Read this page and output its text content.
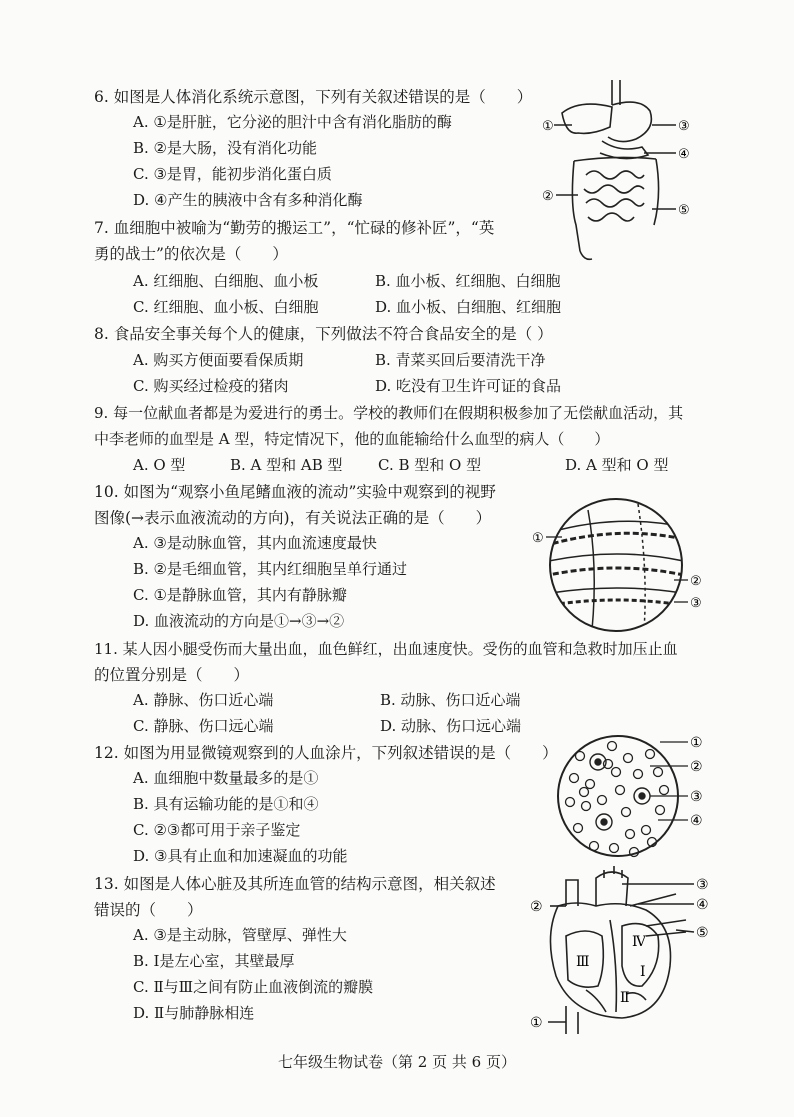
6. 如图是人体消化系统示意图，下列有关叙述错误的是（　　）
A. ①是肝脏，它分泌的胆汁中含有消化脂肪的酶
B. ②是大肠，没有消化功能
C. ③是胃，能初步消化蛋白质
D. ④产生的胰液中含有多种消化酶
①	③
④
②
⑤
7. 血细胞中被喻为“勤劳的搬运工”，“忙碌的修补匠”，“英
勇的战士”的依次是（　　）
A. 红细胞、白细胞、血小板	B. 血小板、红细胞、白细胞
C. 红细胞、血小板、白细胞	D. 血小板、白细胞、红细胞
8. 食品安全事关每个人的健康，下列做法不符合食品安全的是（ ）
A. 购买方便面要看保质期	B. 青菜买回后要清洗干净
C. 购买经过检疫的猪肉	D. 吃没有卫生许可证的食品
9. 每一位献血者都是为爱进行的勇士。学校的教师们在假期积极参加了无偿献血活动，其
中李老师的血型是 A 型，特定情况下，他的血能输给什么血型的病人（　　）
A. O 型	B. A 型和 AB 型 C. B 型和 O 型	D. A 型和 O 型
10. 如图为“观察小鱼尾鳍血液的流动”实验中观察到的视野
图像(→表示血液流动的方向)，有关说法正确的是（　　）
A. ③是动脉血管，其内血流速度最快
B. ②是毛细血管，其内红细胞呈单行通过
C. ①是静脉血管，其内有静脉瓣
D. 血液流动的方向是①→③→②
①
②
③
11. 某人因小腿受伤而大量出血，血色鲜红，出血速度快。受伤的血管和急救时加压止血
的位置分别是（　　）
A. 静脉、伤口近心端	B. 动脉、伤口近心端
C. 静脉、伤口远心端	D. 动脉、伤口远心端
12. 如图为用显微镜观察到的人血涂片，下列叙述错误的是（　　）
A. 血细胞中数量最多的是①
B. 具有运输功能的是①和④
C. ②③都可用于亲子鉴定
D. ③具有止血和加速凝血的功能
①
②
③
④
13. 如图是人体心脏及其所连血管的结构示意图，相关叙述
错误的（　　）
A. ③是主动脉，管壁厚、弹性大
B. Ⅰ是左心室，其壁最厚
C. Ⅱ与Ⅲ之间有防止血液倒流的瓣膜
D. Ⅱ与肺静脉相连
②
③
④
⑤
①
Ⅳ
Ⅲ
Ⅰ
Ⅱ
七年级生物试卷（第 2 页 共 6 页）
